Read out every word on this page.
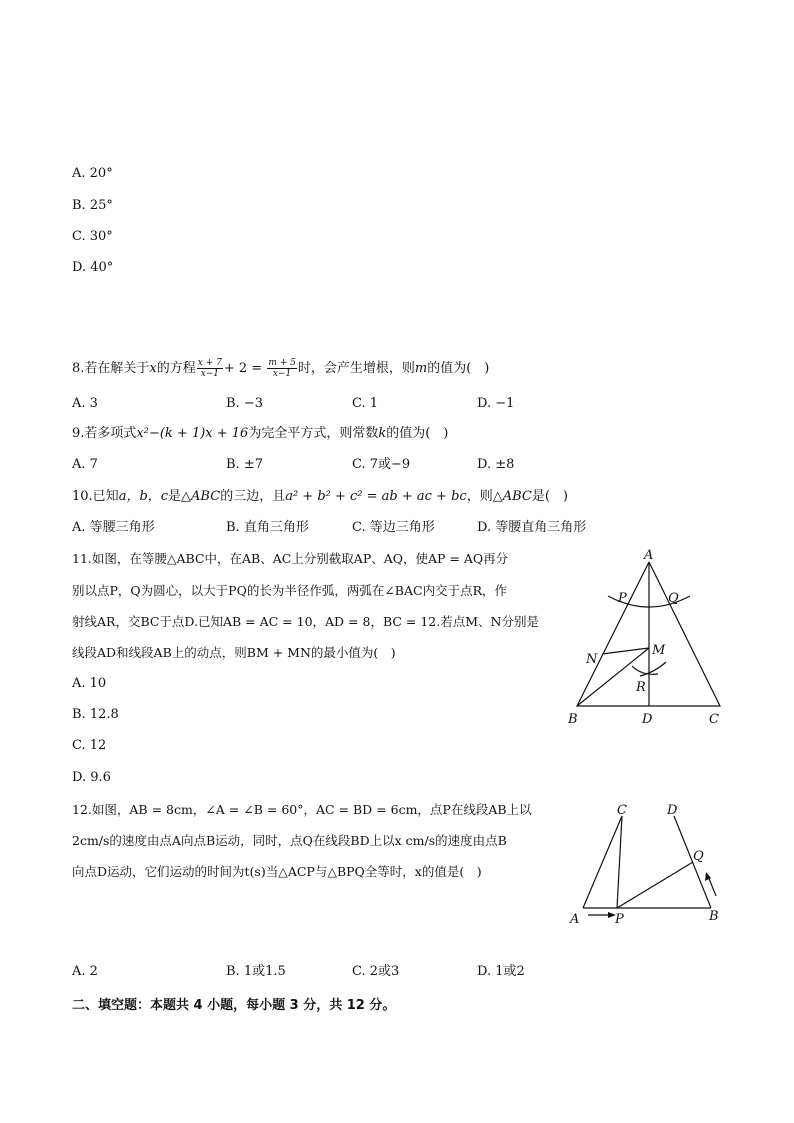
A. 20°
B. 25°
C. 30°
D. 40°
8.若在解关于x的方程 $\frac{x + 7}{x-1} + 2 = \frac{m + 5}{x-1}$ 时，会产生增根，则m的值为(　)
A. 3	B. −3	C. 1	D. −1
9.若多项式x²−(k + 1)x + 16为完全平方式，则常数k的值为(　)
A. 7	B. ±7	C. 7或−9	D. ±8
10.已知a，b，c是△ABC的三边，且a² + b² + c² = ab + ac + bc，则△ABC是(　)
A. 等腰三角形	B. 直角三角形	C. 等边三角形	D. 等腰直角三角形
11.如图，在等腰△ABC中，在AB、AC上分别截取AP、AQ，使AP = AQ再分
别以点P，Q为圆心，以大于PQ的长为半径作弧，两弧在∠BAC内交于点R，作
射线AR，交BC于点D.已知AB = AC = 10，AD = 8，BC = 12.若点M、N分别是
线段AD和线段AB上的动点，则BM + MN的最小值为(　)
A. 10
B. 12.8
C. 12
D. 9.6
A
P	Q
N
M
R
B	D	C
12.如图，AB = 8cm，∠A = ∠B = 60°，AC = BD = 6cm，点P在线段AB上以
2cm/s的速度由点A向点B运动，同时，点Q在线段BD上以x cm/s的速度由点B
向点D运动，它们运动的时间为t(s)当△ACP与△BPQ全等时，x的值是(　)
C	D
Q
A	P	B
A. 2	B. 1或1.5	C. 2或3	D. 1或2
二、填空题：本题共 4 小题，每小题 3 分，共 12 分。
